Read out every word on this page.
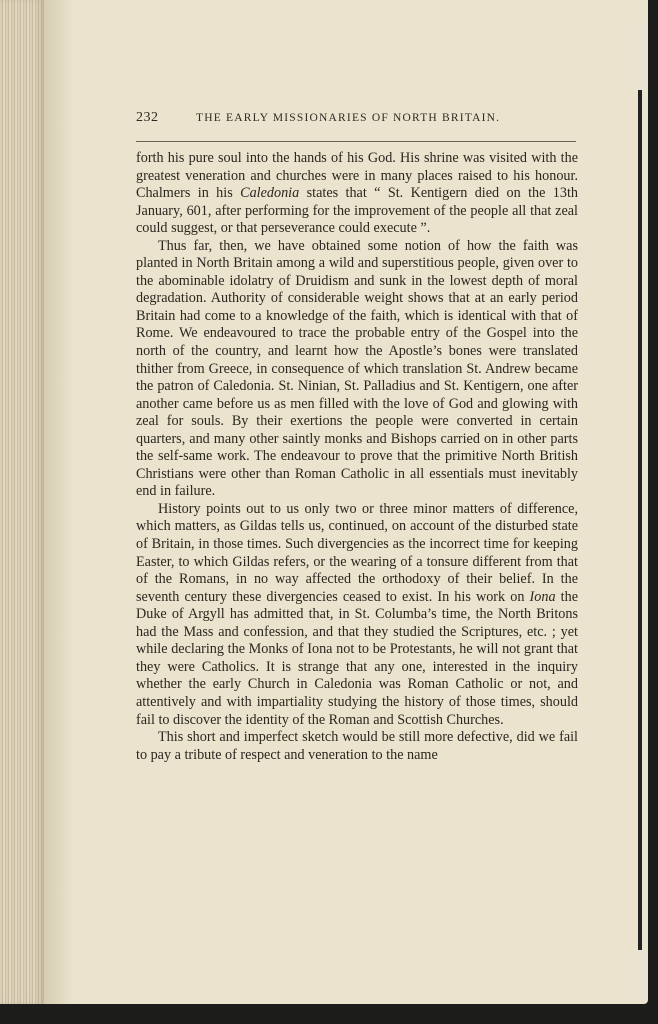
232	THE EARLY MISSIONARIES OF NORTH BRITAIN.

forth his pure soul into the hands of his God. His shrine was visited with the greatest veneration and churches were in many places raised to his honour. Chalmers in his Caledonia states that “ St. Kentigern died on the 13th January, 601, after performing for the improvement of the people all that zeal could suggest, or that perseverance could execute ”.

Thus far, then, we have obtained some notion of how the faith was planted in North Britain among a wild and superstitious people, given over to the abominable idolatry of Druidism and sunk in the lowest depth of moral degradation. Authority of considerable weight shows that at an early period Britain had come to a knowledge of the faith, which is identical with that of Rome. We endeavoured to trace the probable entry of the Gospel into the north of the country, and learnt how the Apostle’s bones were translated thither from Greece, in consequence of which translation St. Andrew became the patron of Caledonia. St. Ninian, St. Palladius and St. Kentigern, one after another came before us as men filled with the love of God and glowing with zeal for souls. By their exertions the people were converted in certain quarters, and many other saintly monks and Bishops carried on in other parts the self-same work. The endeavour to prove that the primitive North British Christians were other than Roman Catholic in all essentials must inevitably end in failure.

History points out to us only two or three minor matters of difference, which matters, as Gildas tells us, continued, on account of the disturbed state of Britain, in those times. Such divergencies as the incorrect time for keeping Easter, to which Gildas refers, or the wearing of a tonsure different from that of the Romans, in no way affected the orthodoxy of their belief. In the seventh century these divergencies ceased to exist. In his work on Iona the Duke of Argyll has admitted that, in St. Columba’s time, the North Britons had the Mass and confession, and that they studied the Scriptures, etc. ; yet while declaring the Monks of Iona not to be Protestants, he will not grant that they were Catholics. It is strange that any one, interested in the inquiry whether the early Church in Caledonia was Roman Catholic or not, and attentively and with impartiality studying the history of those times, should fail to discover the identity of the Roman and Scottish Churches.

This short and imperfect sketch would be still more defective, did we fail to pay a tribute of respect and veneration to the name
